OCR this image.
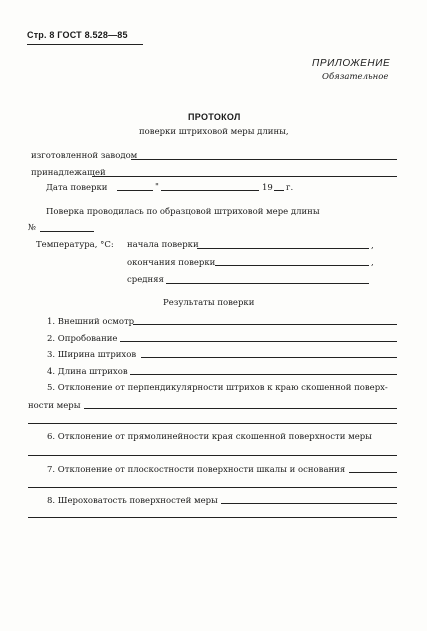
Стр. 8 ГОСТ 8.528—85
ПРИЛОЖЕНИЕ
Обязательное
ПРОТОКОЛ
поверки штриховой меры длины,
изготовленной заводом
принадлежащей
Дата поверки	"	19 г.
Поверка проводилась по образцовой штриховой мере длины
№
Температура, °С: начала поверки	,
окончания поверки	,
средняя
Результаты поверки
1. Внешний осмотр
2. Опробование
3. Ширина штрихов
4. Длина штрихов
5. Отклонение от перпендикулярности штрихов к краю скошенной поверх-
ности меры
6. Отклонение от прямолинейности края скошенной поверхности меры
7. Отклонение от плоскостности поверхности шкалы и основания
8. Шероховатость поверхностей меры
